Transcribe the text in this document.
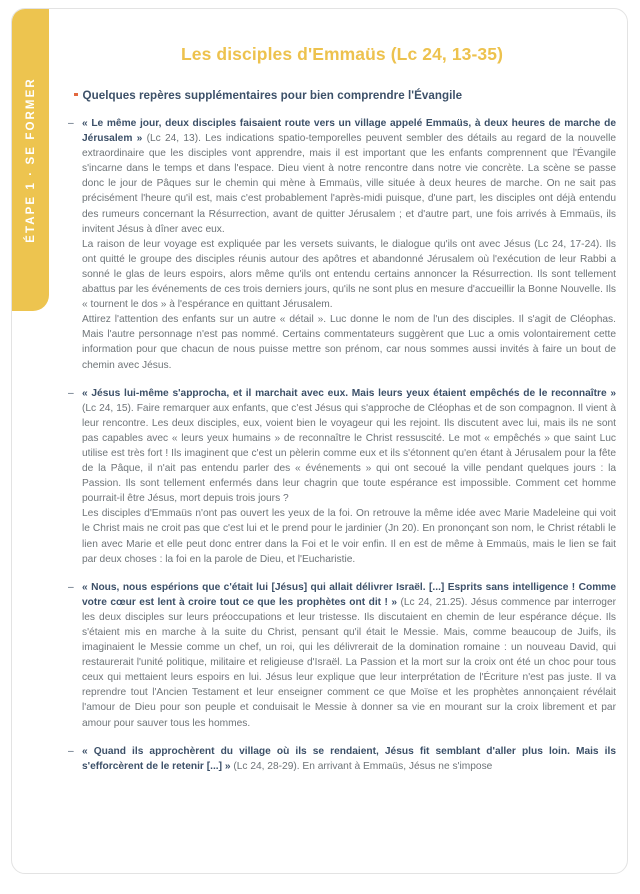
ÉTAPE 1 · SE FORMER
Les disciples d'Emmaüs (Lc 24, 13-35)
Quelques repères supplémentaires pour bien comprendre l'Évangile
– « Le même jour, deux disciples faisaient route vers un village appelé Emmaüs, à deux heures de marche de Jérusalem » (Lc 24, 13). Les indications spatio-temporelles peuvent sembler des détails au regard de la nouvelle extraordinaire que les disciples vont apprendre, mais il est important que les enfants comprennent que l'Évangile s'incarne dans le temps et dans l'espace. Dieu vient à notre rencontre dans notre vie concrète. La scène se passe donc le jour de Pâques sur le chemin qui mène à Emmaüs, ville située à deux heures de marche. On ne sait pas précisément l'heure qu'il est, mais c'est probablement l'après-midi puisque, d'une part, les disciples ont déjà entendu des rumeurs concernant la Résurrection, avant de quitter Jérusalem ; et d'autre part, une fois arrivés à Emmaüs, ils invitent Jésus à dîner avec eux.

La raison de leur voyage est expliquée par les versets suivants, le dialogue qu'ils ont avec Jésus (Lc 24, 17-24). Ils ont quitté le groupe des disciples réunis autour des apôtres et abandonné Jérusalem où l'exécution de leur Rabbi a sonné le glas de leurs espoirs, alors même qu'ils ont entendu certains annoncer la Résurrection. Ils sont tellement abattus par les événements de ces trois derniers jours, qu'ils ne sont plus en mesure d'accueillir la Bonne Nouvelle. Ils « tournent le dos » à l'espérance en quittant Jérusalem.

Attirez l'attention des enfants sur un autre « détail ». Luc donne le nom de l'un des disciples. Il s'agit de Cléophas. Mais l'autre personnage n'est pas nommé. Certains commentateurs suggèrent que Luc a omis volontairement cette information pour que chacun de nous puisse mettre son prénom, car nous sommes aussi invités à faire un bout de chemin avec Jésus.

– « Jésus lui-même s'approcha, et il marchait avec eux. Mais leurs yeux étaient empêchés de le reconnaître » (Lc 24, 15). Faire remarquer aux enfants, que c'est Jésus qui s'approche de Cléophas et de son compagnon. Il vient à leur rencontre. Les deux disciples, eux, voient bien le voyageur qui les rejoint. Ils discutent avec lui, mais ils ne sont pas capables avec « leurs yeux humains » de reconnaître le Christ ressuscité. Le mot « empêchés » que saint Luc utilise est très fort ! Ils imaginent que c'est un pèlerin comme eux et ils s'étonnent qu'en étant à Jérusalem pour la fête de la Pâque, il n'ait pas entendu parler des « événements » qui ont secoué la ville pendant quelques jours : la Passion. Ils sont tellement enfermés dans leur chagrin que toute espérance est impossible. Comment cet homme pourrait-il être Jésus, mort depuis trois jours ?

Les disciples d'Emmaüs n'ont pas ouvert les yeux de la foi. On retrouve la même idée avec Marie Madeleine qui voit le Christ mais ne croit pas que c'est lui et le prend pour le jardinier (Jn 20). En prononçant son nom, le Christ rétabli le lien avec Marie et elle peut donc entrer dans la Foi et le voir enfin. Il en est de même à Emmaüs, mais le lien se fait par deux choses : la foi en la parole de Dieu, et l'Eucharistie.

– « Nous, nous espérions que c'était lui [Jésus] qui allait délivrer Israël. [...] Esprits sans intelligence ! Comme votre cœur est lent à croire tout ce que les prophètes ont dit ! » (Lc 24, 21.25). Jésus commence par interroger les deux disciples sur leurs préoccupations et leur tristesse. Ils discutaient en chemin de leur espérance déçue. Ils s'étaient mis en marche à la suite du Christ, pensant qu'il était le Messie. Mais, comme beaucoup de Juifs, ils imaginaient le Messie comme un chef, un roi, qui les délivrerait de la domination romaine : un nouveau David, qui restaurerait l'unité politique, militaire et religieuse d'Israël. La Passion et la mort sur la croix ont été un choc pour tous ceux qui mettaient leurs espoirs en lui. Jésus leur explique que leur interprétation de l'Écriture n'est pas juste. Il va reprendre tout l'Ancien Testament et leur enseigner comment ce que Moïse et les prophètes annonçaient révélait l'amour de Dieu pour son peuple et conduisait le Messie à donner sa vie en mourant sur la croix librement et par amour pour sauver tous les hommes.

– « Quand ils approchèrent du village où ils se rendaient, Jésus fit semblant d'aller plus loin. Mais ils s'efforcèrent de le retenir [...] » (Lc 24, 28-29). En arrivant à Emmaüs, Jésus ne s'impose
